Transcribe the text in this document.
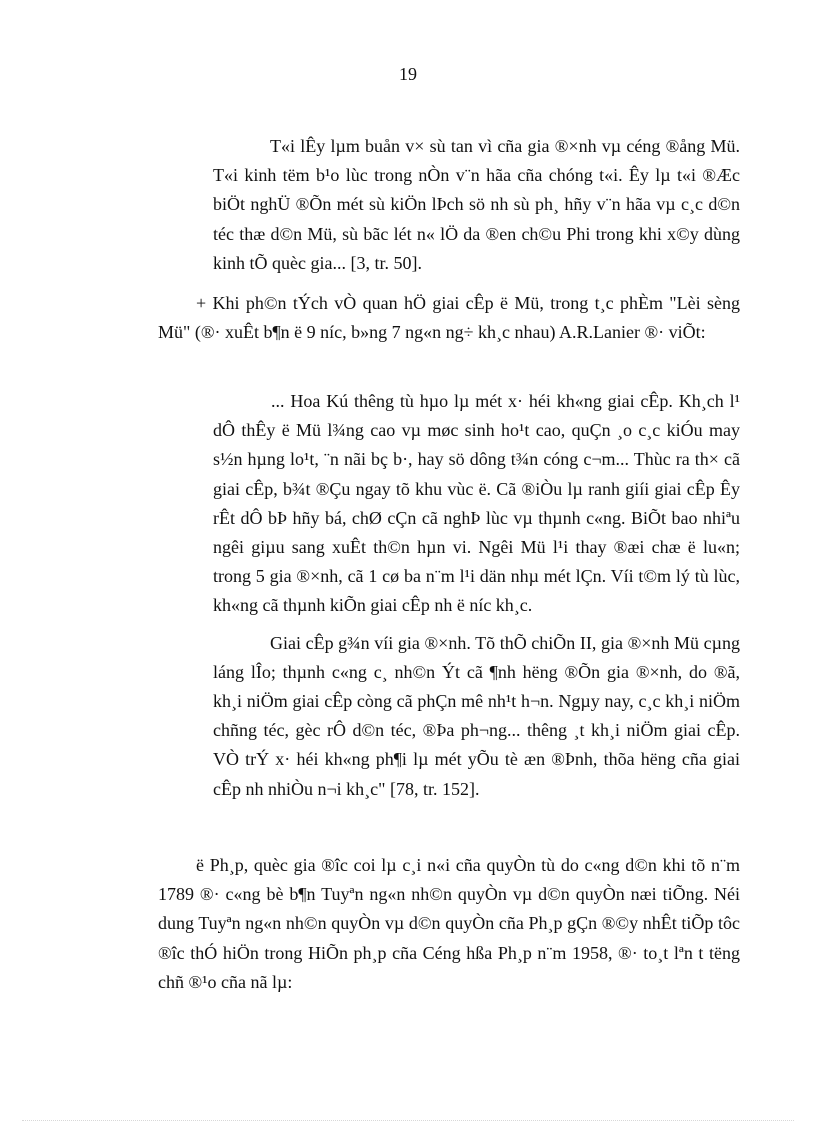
19

T«i lÊy lµm buån v× sù tan vì cña gia ®×nh vµ céng ®ång Mü. T«i kinh tëm b¹o lùc trong nÒn v¨n hãa cña chóng t«i. Êy lµ t«i ®Æc biÖt nghÜ ®Õn mét sù kiÖn lÞch sö nh sù ph¸ hñy v¨n hãa vµ c¸c d©n téc thæ d©n Mü, sù bãc lét n« lÖ da ®en ch©u Phi trong khi x©y dùng kinh tÕ quèc gia... [3, tr. 50].

+ Khi ph©n tÝch vÒ quan hÖ giai cÊp ë Mü, trong t¸c phÈm "Lèi sèng Mü" (®· xuÊt b¶n ë 9 níc, b»ng 7 ng«n ng÷ kh¸c nhau) A.R.Lanier ®· viÕt:

... Hoa Kú thêng tù hµo lµ mét x· héi kh«ng giai cÊp. Kh¸ch l¹ dÔ thÊy ë Mü l¾ng cao vµ møc sinh ho¹t cao, quÇn ¸o c¸c kiÓu may s½n hµng lo¹t, ¨n nãi bç b·, hay sö dông t¾n cóng c¬m... Thùc ra th× cã giai cÊp, b¾t ®Çu ngay tõ khu vùc ë. Cã ®iÒu lµ ranh giíi giai cÊp Êy rÊt dÔ bÞ hñy bá, chØ cÇn cã nghÞ lùc vµ thµnh c«ng. BiÕt bao nhiªu ngêi giµu sang xuÊt th©n hµn vi. Ngêi Mü l¹i thay ®æi chæ ë lu«n; trong 5 gia ®×nh, cã 1 cø ba n¨m l¹i dän nhµ mét lÇn. Víi t©m lý tù lùc, kh«ng cã thµnh kiÕn giai cÊp nh ë níc kh¸c.

Giai cÊp g¾n víi gia ®×nh. Tõ thÕ chiÕn II, gia ®×nh Mü cµng láng lÎo; thµnh c«ng c¸ nh©n Ýt cã ¶nh hëng ®Õn gia ®×nh, do ®ã, kh¸i niÖm giai cÊp còng cã phÇn mê nh¹t h¬n. Ngµy nay, c¸c kh¸i niÖm chñng téc, gèc rÔ d©n téc, ®Þa ph¬ng... thêng ¸t kh¸i niÖm giai cÊp. VÒ trÝ x· héi kh«ng ph¶i lµ mét yÕu tè æn ®Þnh, thõa hëng cña giai cÊp nh nhiÒu n¬i kh¸c" [78, tr. 152].

ë Ph¸p, quèc gia ®îc coi lµ c¸i n«i cña quyÒn tù do c«ng d©n khi tõ n¨m 1789 ®· c«ng bè b¶n Tuyªn ng«n nh©n quyÒn vµ d©n quyÒn næi tiÕng. Néi dung Tuyªn ng«n nh©n quyÒn vµ d©n quyÒn cña Ph¸p gÇn ®©y nhÊt tiÕp tôc ®îc thÓ hiÖn trong HiÕn ph¸p cña Céng hßa Ph¸p n¨m 1958, ®· to¸t lªn t tëng chñ ®¹o cña nã lµ:
